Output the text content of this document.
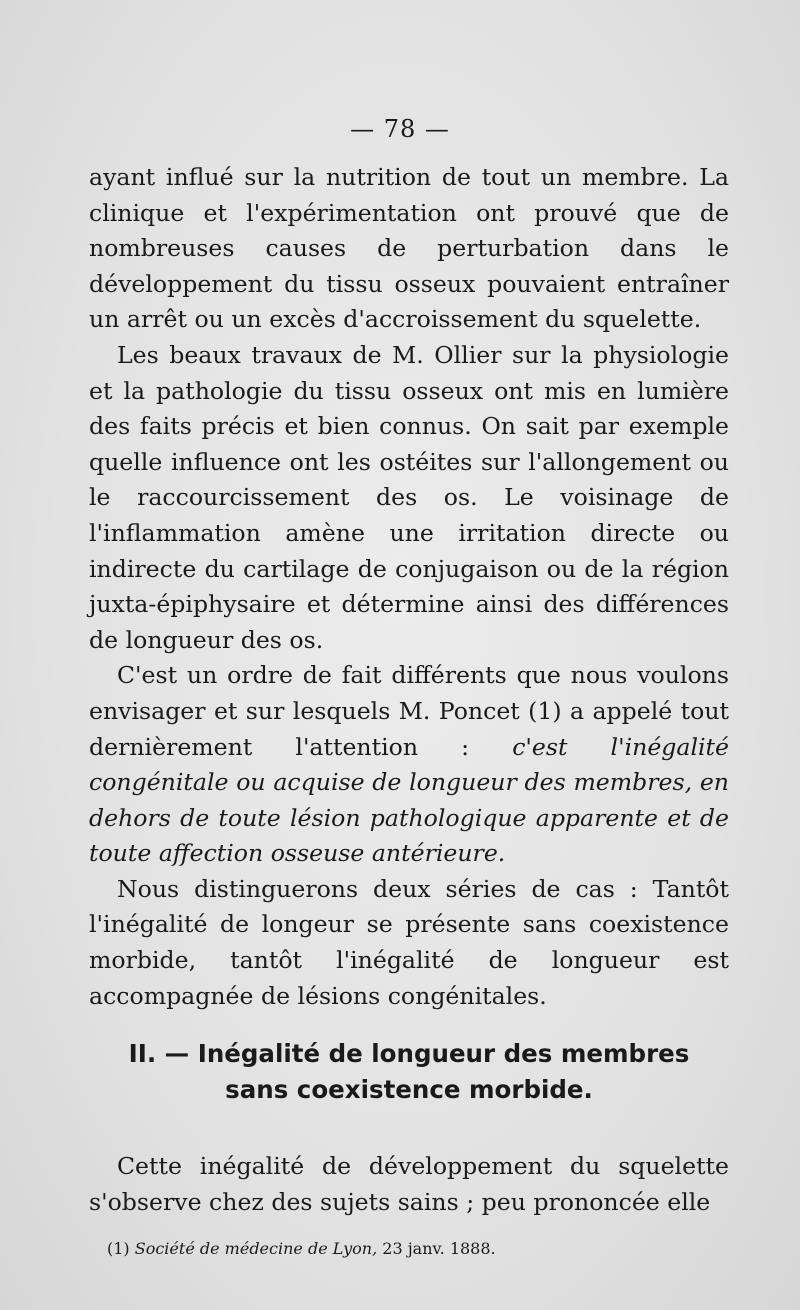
— 78 —

ayant influé sur la nutrition de tout un membre. La clinique et l'expérimentation ont prouvé que de nombreuses causes de perturbation dans le développement du tissu osseux pouvaient entraîner un arrêt ou un excès d'accroissement du squelette.

Les beaux travaux de M. Ollier sur la physiologie et la pathologie du tissu osseux ont mis en lumière des faits précis et bien connus. On sait par exemple quelle influence ont les ostéites sur l'allongement ou le raccourcissement des os. Le voisinage de l'inflammation amène une irritation directe ou indirecte du cartilage de conjugaison ou de la région juxta-épiphysaire et détermine ainsi des différences de longueur des os.

C'est un ordre de fait différents que nous voulons envisager et sur lesquels M. Poncet (1) a appelé tout dernièrement l'attention : c'est l'inégalité congénitale ou acquise de longueur des membres, en dehors de toute lésion pathologique apparente et de toute affection osseuse antérieure.

Nous distinguerons deux séries de cas : Tantôt l'inégalité de longeur se présente sans coexistence morbide, tantôt l'inégalité de longueur est accompagnée de lésions congénitales.

II. — Inégalité de longueur des membres
sans coexistence morbide.

Cette inégalité de développement du squelette s'observe chez des sujets sains ; peu prononcée elle

(1) Société de médecine de Lyon, 23 janv. 1888.
